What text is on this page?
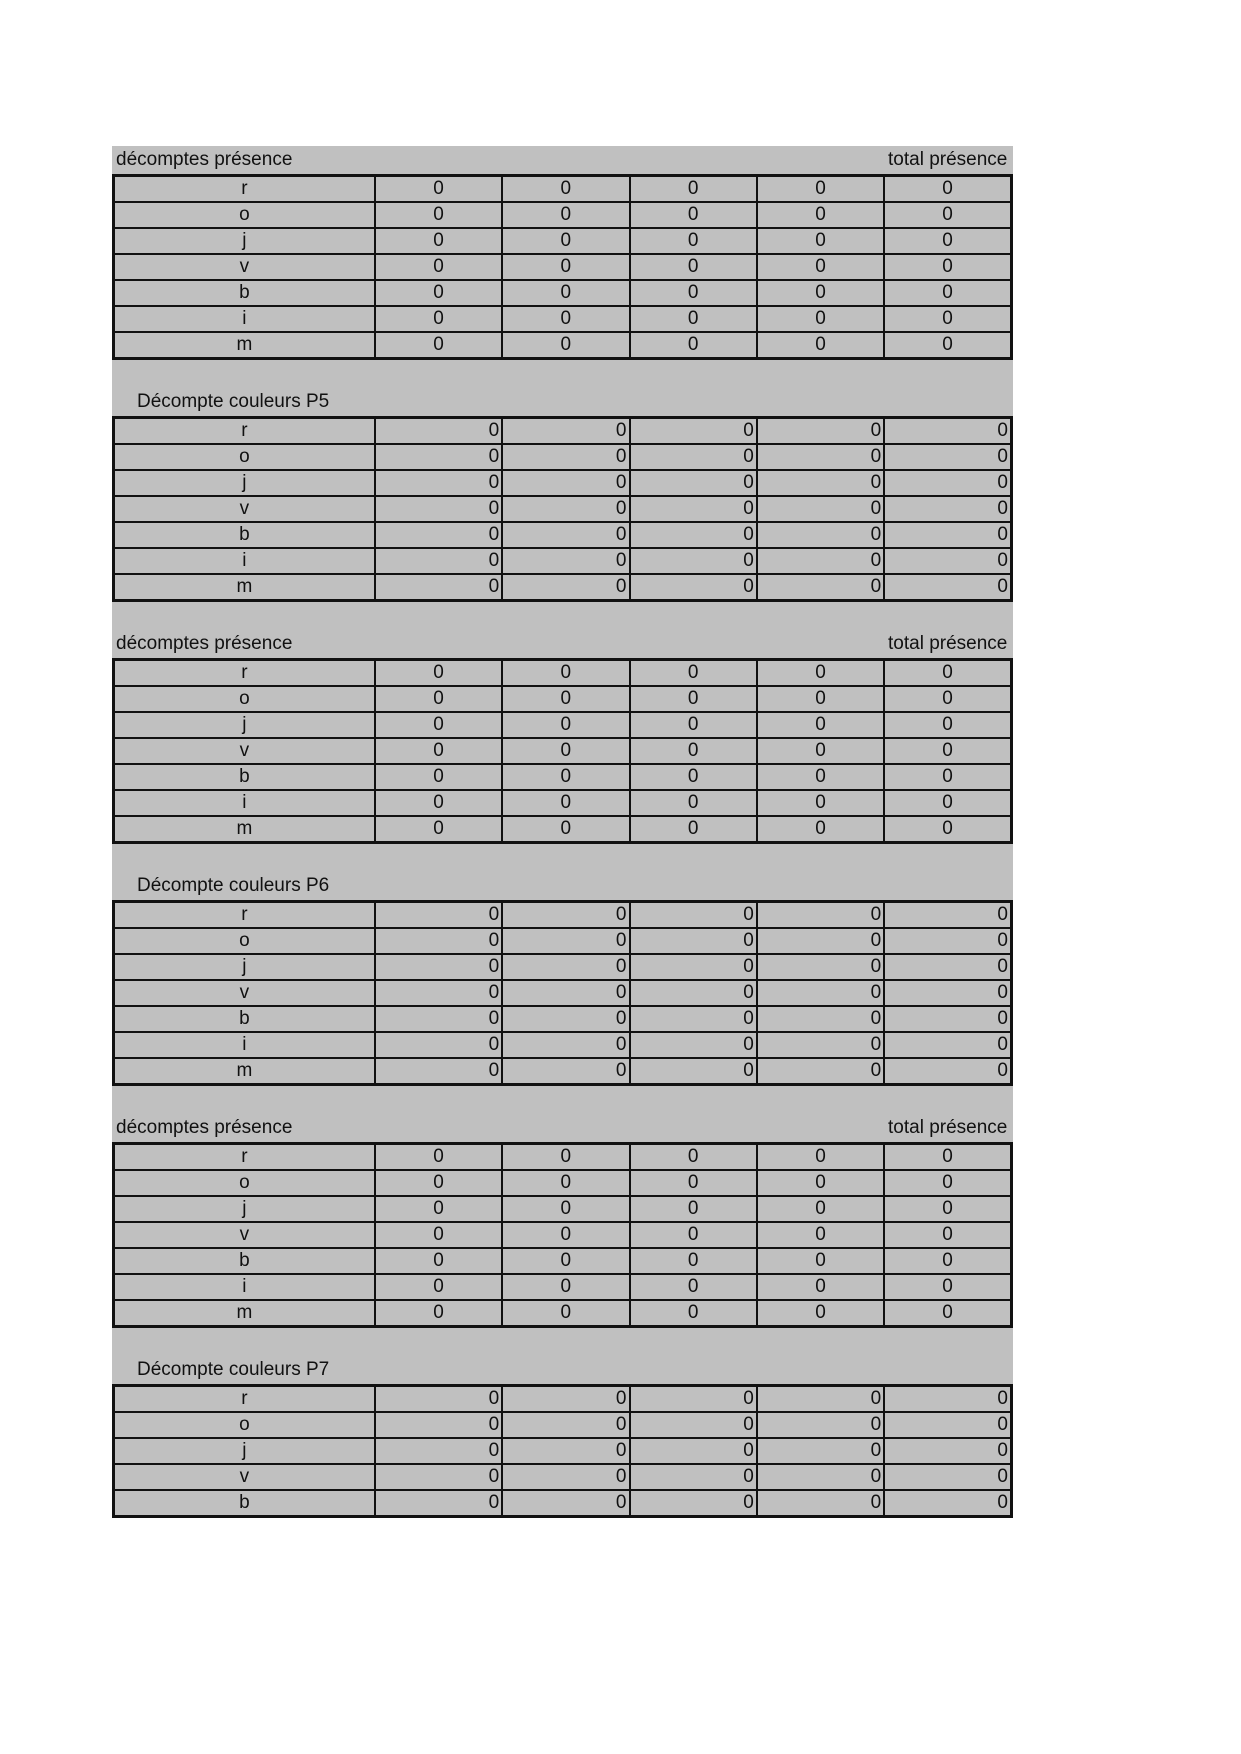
décomptes présence	total présence
r	0	0	0	0	0
o	0	0	0	0	0
j	0	0	0	0	0
v	0	0	0	0	0
b	0	0	0	0	0
i	0	0	0	0	0
m	0	0	0	0	0
Décompte couleurs P5
r	0	0	0	0	0
o	0	0	0	0	0
j	0	0	0	0	0
v	0	0	0	0	0
b	0	0	0	0	0
i	0	0	0	0	0
m	0	0	0	0	0
décomptes présence	total présence
r	0	0	0	0	0
o	0	0	0	0	0
j	0	0	0	0	0
v	0	0	0	0	0
b	0	0	0	0	0
i	0	0	0	0	0
m	0	0	0	0	0
Décompte couleurs P6
r	0	0	0	0	0
o	0	0	0	0	0
j	0	0	0	0	0
v	0	0	0	0	0
b	0	0	0	0	0
i	0	0	0	0	0
m	0	0	0	0	0
décomptes présence	total présence
r	0	0	0	0	0
o	0	0	0	0	0
j	0	0	0	0	0
v	0	0	0	0	0
b	0	0	0	0	0
i	0	0	0	0	0
m	0	0	0	0	0
Décompte couleurs P7
r	0	0	0	0	0
o	0	0	0	0	0
j	0	0	0	0	0
v	0	0	0	0	0
b	0	0	0	0	0
